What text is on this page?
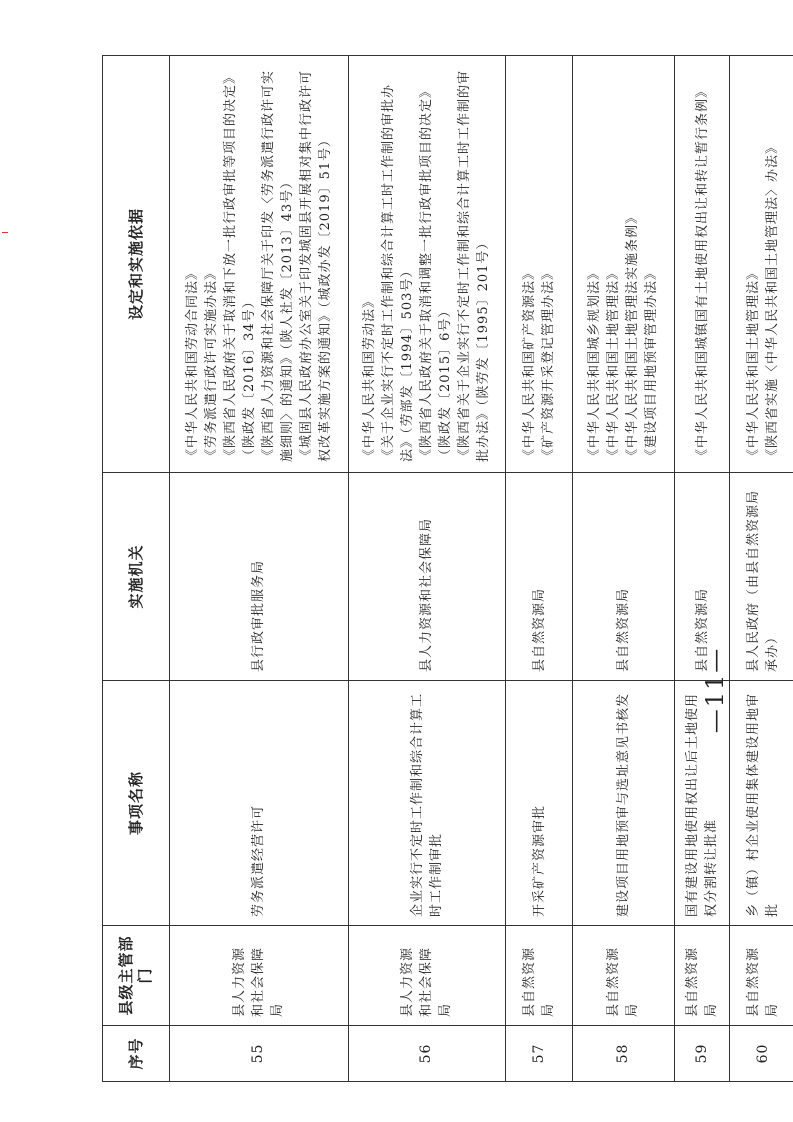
序号	县级主管部门	事项名称	实施机关	设定和实施依据
55	县人力资源和社会保障局	劳务派遣经营许可	县行政审批服务局	《中华人民共和国劳动合同法》 《劳务派遣行政许可实施办法》 《陕西省人民政府关于取消和下放一批行政审批等项目的决定》（陕政发〔2016〕34号） 《陕西省人力资源和社会保障厅关于印发〈劳务派遣行政许可实施细则〉的通知》（陕人社发〔2013〕43号） 《城固县人民政府办公室关于印发城固县开展相对集中行政许可权改革实施方案的通知》（城政办发〔2019〕51号）

56	县人力资源和社会保障局	企业实行不定时工作制和综合计算工时工作制审批	县人力资源和社会保障局	《中华人民共和国劳动法》 《关于企业实行不定时工作制和综合计算工时工作制的审批办法》（劳部发〔1994〕503号） 《陕西省人民政府关于取消和调整一批行政审批项目的决定》（陕政发〔2015〕6号） 《陕西省关于企业实行不定时工作制和综合计算工时工作制的审批办法》（陕劳发〔1995〕201号）

57	县自然资源局	开采矿产资源审批	县自然资源局	《中华人民共和国矿产资源法》 《矿产资源开采登记管理办法》

58	县自然资源局	建设项目用地预审与选址意见书核发	县自然资源局	《中华人民共和国城乡规划法》 《中华人民共和国土地管理法》 《中华人民共和国土地管理法实施条例》 《建设项目用地预审管理办法》

59	县自然资源局	国有建设用地使用权出让后土地使用权分割转让批准	县自然资源局	《中华人民共和国城镇国有土地使用权出让和转让暂行条例》

60	县自然资源局	乡（镇）村企业使用集体建设用地审批	县人民政府（由县自然资源局承办）	《中华人民共和国土地管理法》 《陕西省实施〈中华人民共和国土地管理法〉办法》
—11—
